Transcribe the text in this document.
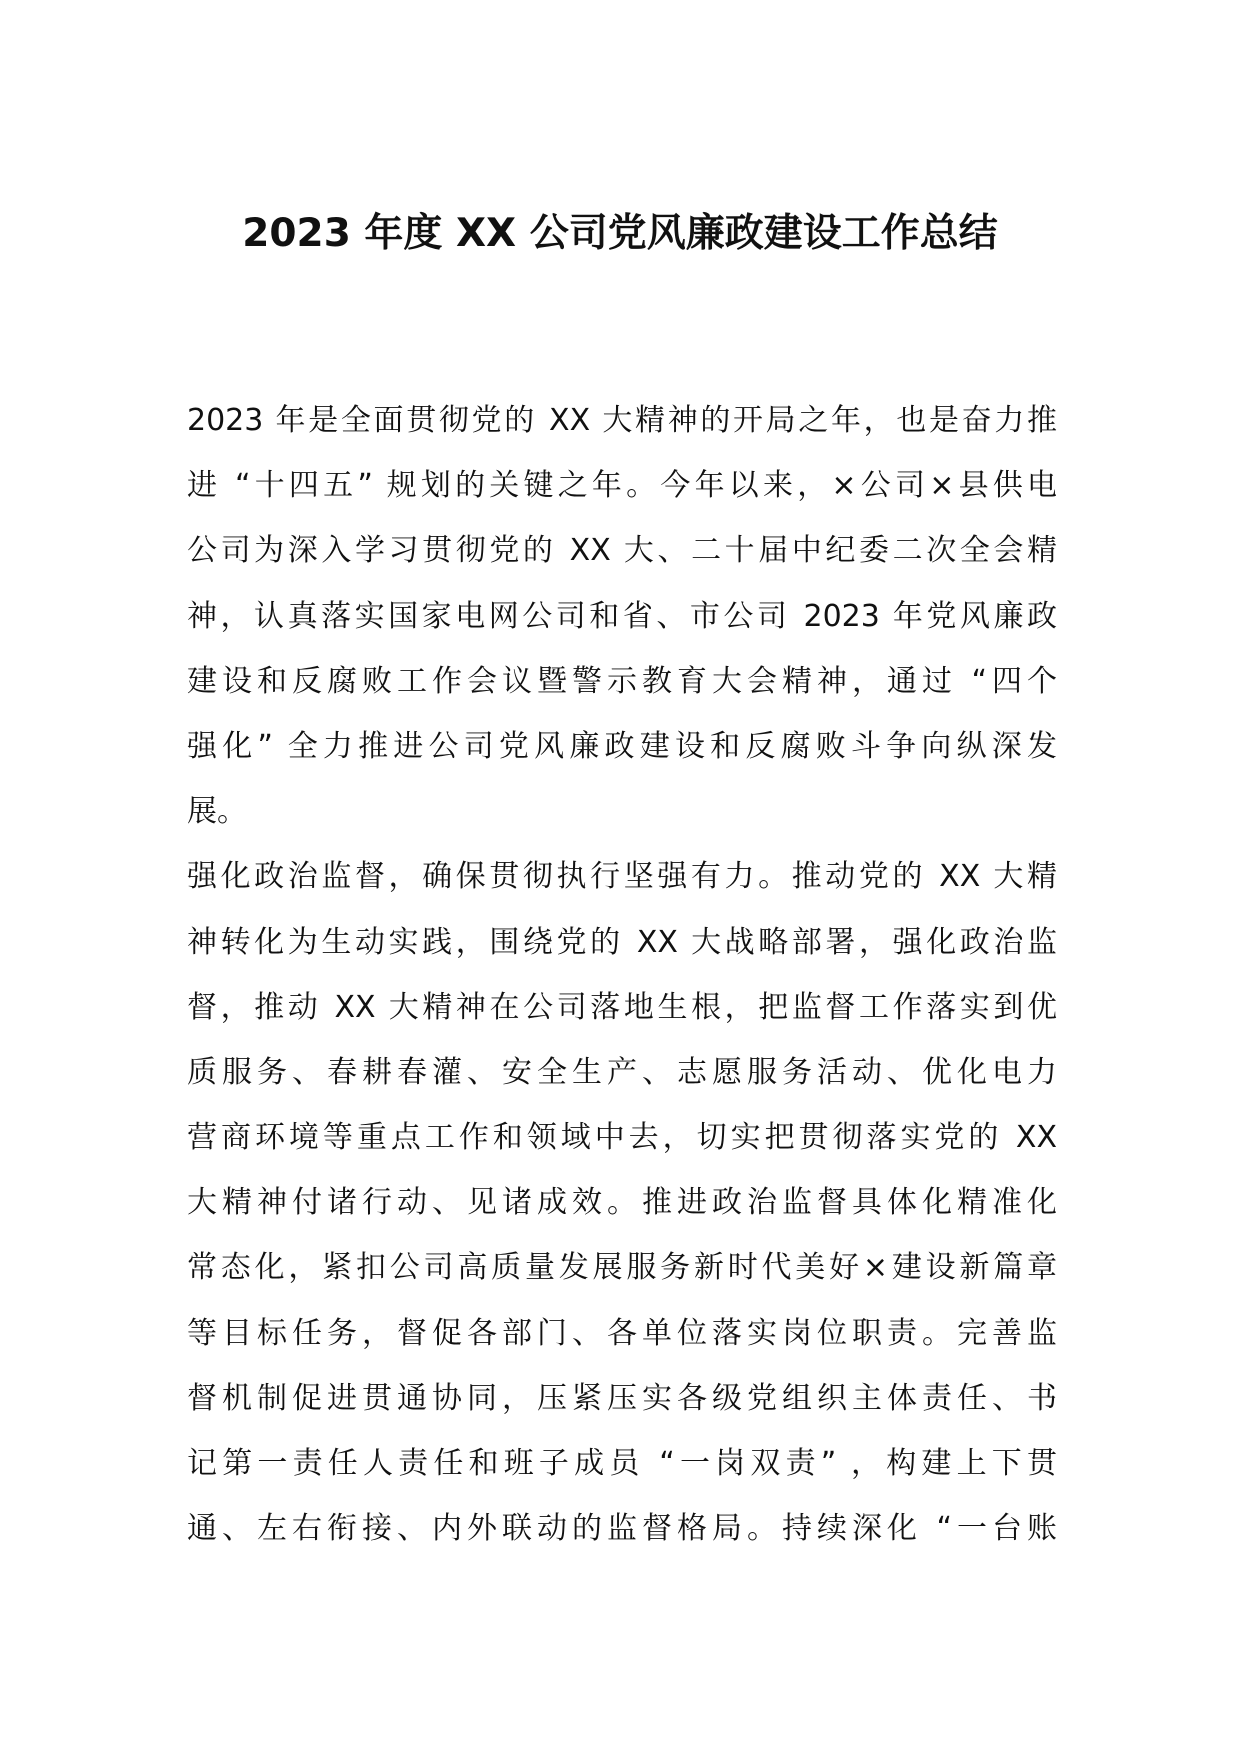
2023 年度 XX 公司党风廉政建设工作总结
2023 年是全面贯彻党的 XX 大精神的开局之年，也是奋力推
进 “十四五” 规划的关键之年。今年以来，×公司×县供电
公司为深入学习贯彻党的 XX 大、二十届中纪委二次全会精
神，认真落实国家电网公司和省、市公司 2023 年党风廉政
建设和反腐败工作会议暨警示教育大会精神，通过 “四个
强化” 全力推进公司党风廉政建设和反腐败斗争向纵深发
展。
强化政治监督，确保贯彻执行坚强有力。推动党的 XX 大精
神转化为生动实践，围绕党的 XX 大战略部署，强化政治监
督，推动 XX 大精神在公司落地生根，把监督工作落实到优
质服务、春耕春灌、安全生产、志愿服务活动、优化电力
营商环境等重点工作和领域中去，切实把贯彻落实党的 XX
大精神付诸行动、见诸成效。推进政治监督具体化精准化
常态化，紧扣公司高质量发展服务新时代美好×建设新篇章
等目标任务，督促各部门、各单位落实岗位职责。完善监
督机制促进贯通协同，压紧压实各级党组织主体责任、书
记第一责任人责任和班子成员 “一岗双责” ，构建上下贯
通、左右衔接、内外联动的监督格局。持续深化 “一台账
